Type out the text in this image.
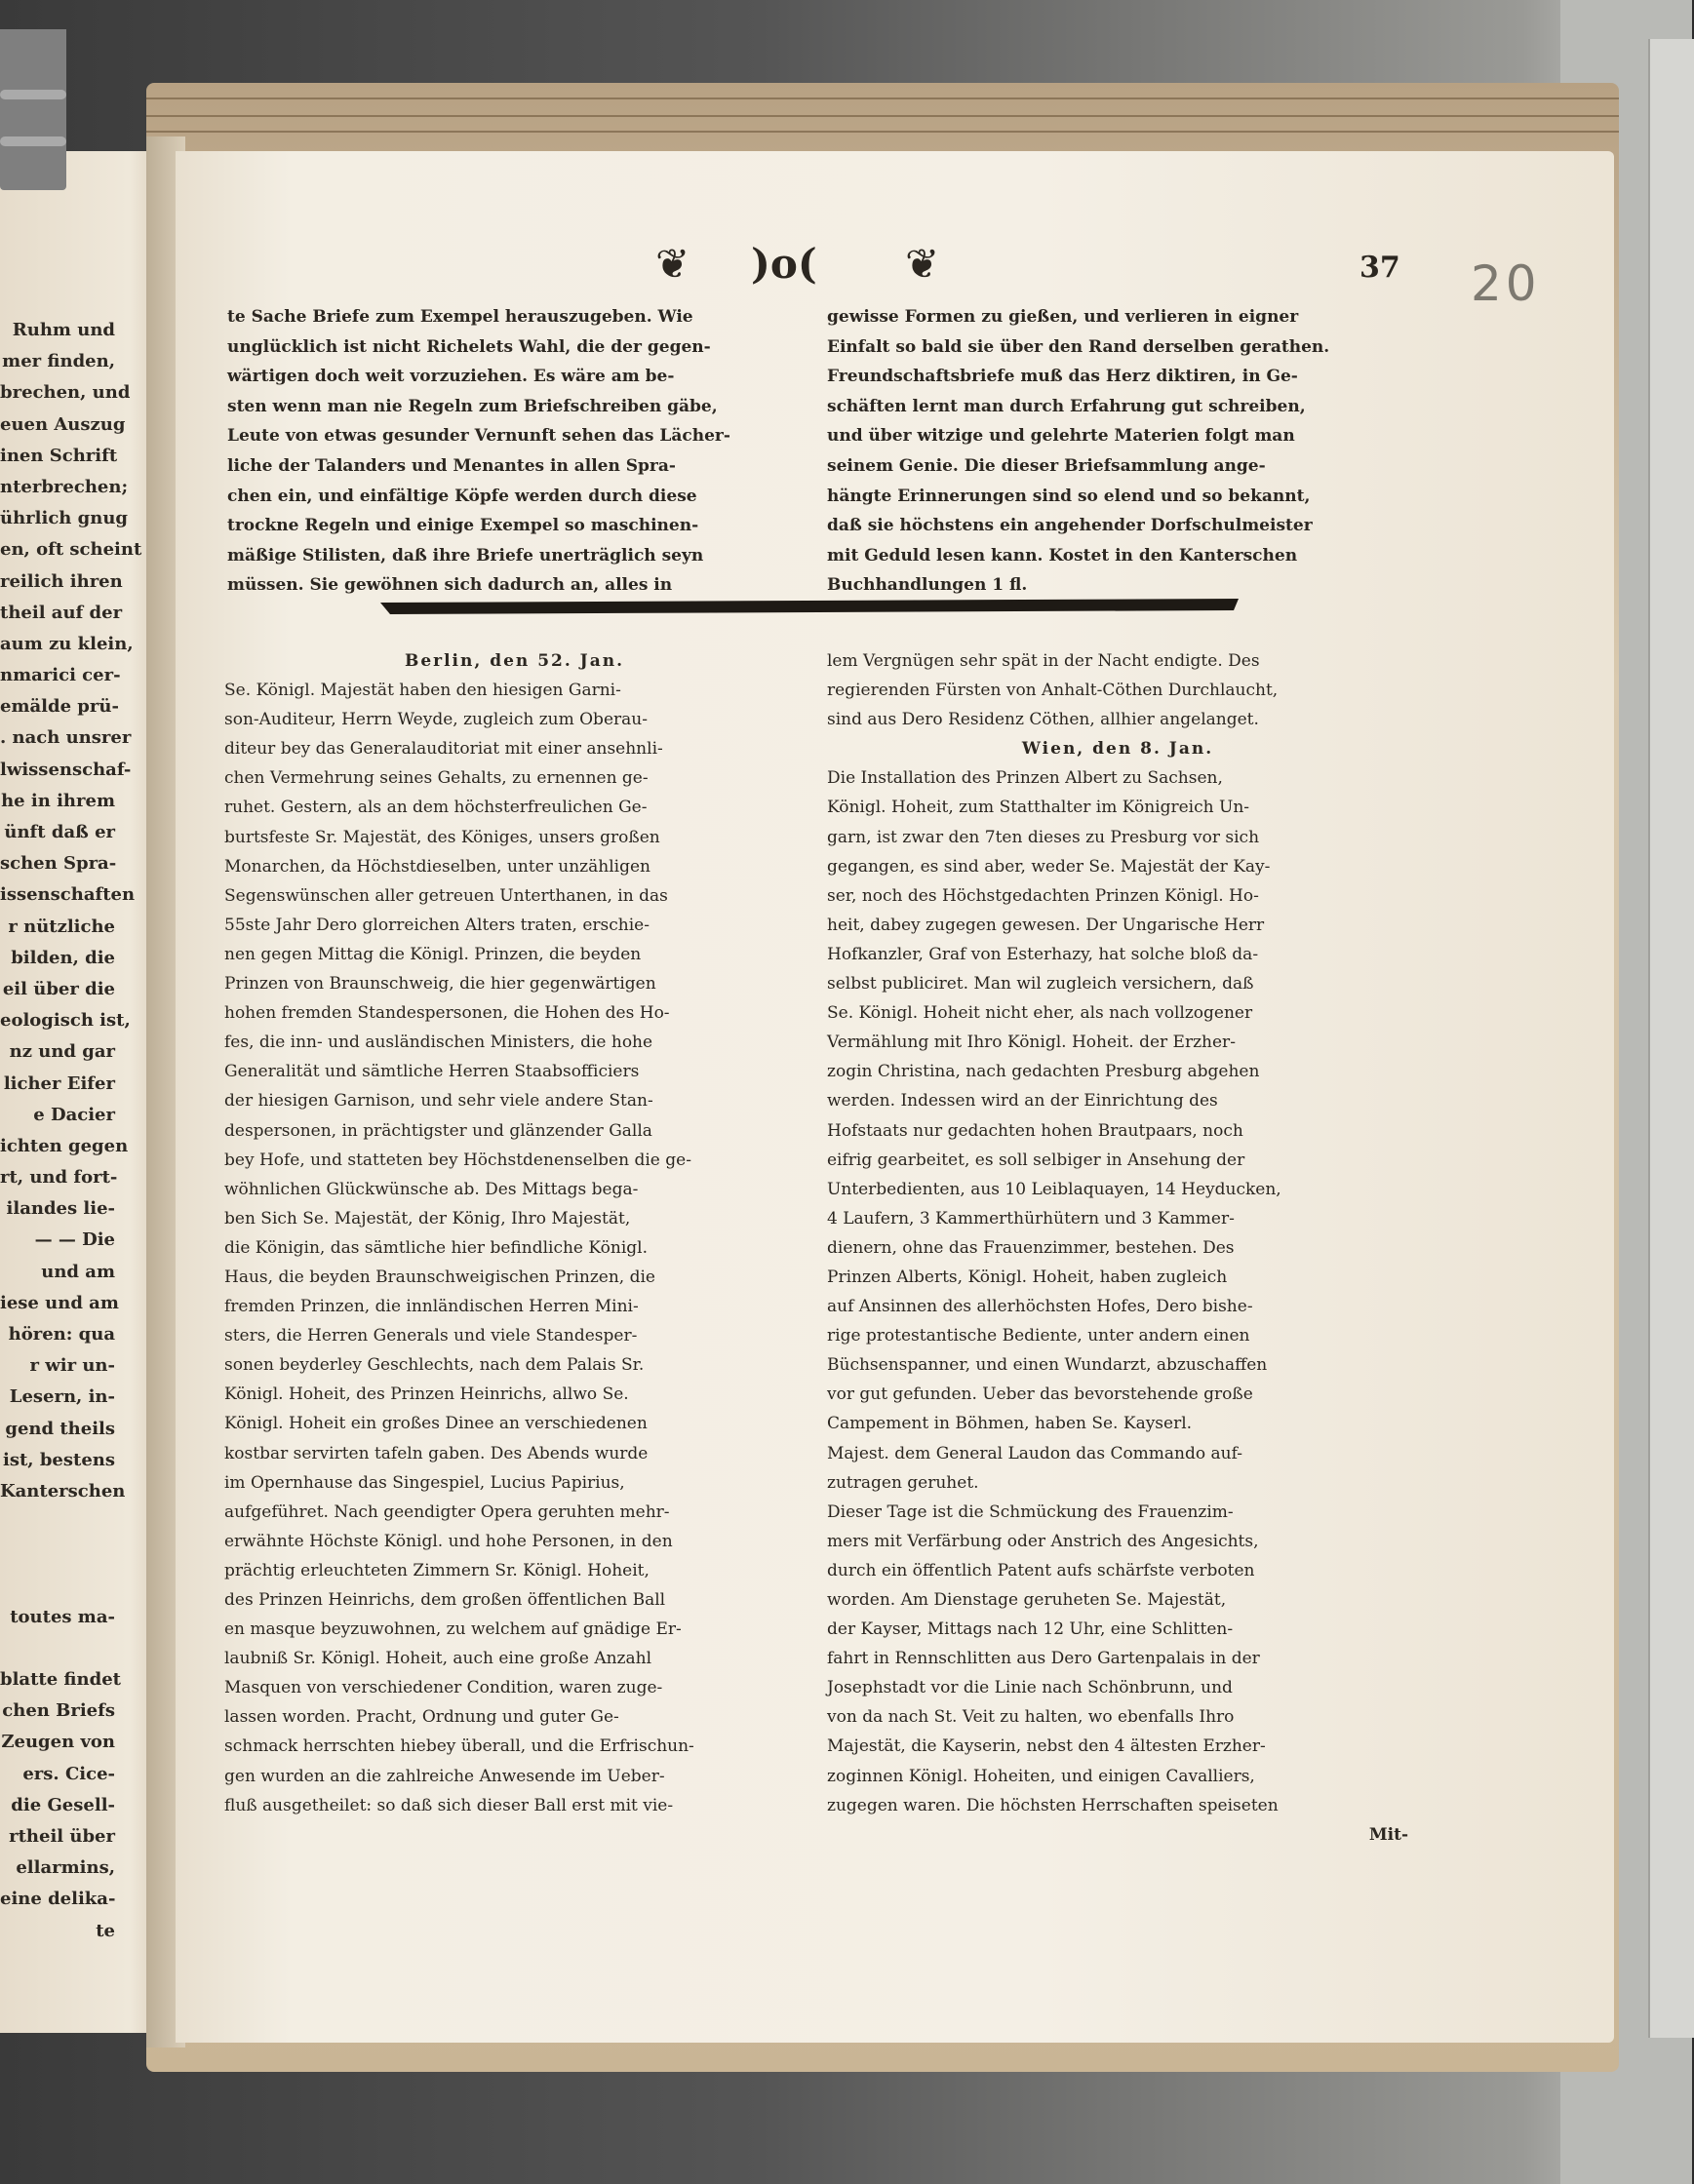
Ruhm und
mer finden,
brechen, und
euen Auszug
inen Schrift
nterbrechen;
ührlich gnug
en, oft scheint
reilich ihren
theil auf der
aum zu klein,
nmarici cer-
emälde prü-
. nach unsrer
lwissenschaf-
he in ihrem
ünft daß er
schen Spra-
issenschaften
r nützliche
bilden, die
eil über die
eologisch ist,
nz und gar
licher Eifer
e Dacier
ichten gegen
rt, und fort-
ilandes lie-
— — Die
und am
iese und am
hören: qua
r wir un-
Lesern, in-
gend theils
ist, bestens
Kanterschen
toutes ma-
blatte findet
chen Briefs
Zeugen von
ers. Cice-
die Gesell-
rtheil über
ellarmins,
eine delika-
te
❦ )o( ❦	37 20
te Sache Briefe zum Exempel herauszugeben. Wie
unglücklich ist nicht Richelets Wahl, die der gegen-
wärtigen doch weit vorzuziehen. Es wäre am be-
sten wenn man nie Regeln zum Briefschreiben gäbe,
Leute von etwas gesunder Vernunft sehen das Lächer-
liche der Talanders und Menantes in allen Spra-
chen ein, und einfältige Köpfe werden durch diese
trockne Regeln und einige Exempel so maschinen-
mäßige Stilisten, daß ihre Briefe unerträglich seyn
müssen. Sie gewöhnen sich dadurch an, alles in
gewisse Formen zu gießen, und verlieren in eigner
Einfalt so bald sie über den Rand derselben gerathen.
Freundschaftsbriefe muß das Herz diktiren, in Ge-
schäften lernt man durch Erfahrung gut schreiben,
und über witzige und gelehrte Materien folgt man
seinem Genie. Die dieser Briefsammlung ange-
hängte Erinnerungen sind so elend und so bekannt,
daß sie höchstens ein angehender Dorfschulmeister
mit Geduld lesen kann. Kostet in den Kanterschen
Buchhandlungen 1 fl.
Berlin, den 52. Jan.
Se. Königl. Majestät haben den hiesigen Garni-
son-Auditeur, Herrn Weyde, zugleich zum Oberau-
diteur bey das Generalauditoriat mit einer ansehnli-
chen Vermehrung seines Gehalts, zu ernennen ge-
ruhet. Gestern, als an dem höchsterfreulichen Ge-
burtsfeste Sr. Majestät, des Königes, unsers großen
Monarchen, da Höchstdieselben, unter unzähligen
Segenswünschen aller getreuen Unterthanen, in das
55ste Jahr Dero glorreichen Alters traten, erschie-
nen gegen Mittag die Königl. Prinzen, die beyden
Prinzen von Braunschweig, die hier gegenwärtigen
hohen fremden Standespersonen, die Hohen des Ho-
fes, die inn- und ausländischen Ministers, die hohe
Generalität und sämtliche Herren Staabsofficiers
der hiesigen Garnison, und sehr viele andere Stan-
despersonen, in prächtigster und glänzender Galla
bey Hofe, und statteten bey Höchstdenenselben die ge-
wöhnlichen Glückwünsche ab. Des Mittags bega-
ben Sich Se. Majestät, der König, Ihro Majestät,
die Königin, das sämtliche hier befindliche Königl.
Haus, die beyden Braunschweigischen Prinzen, die
fremden Prinzen, die innländischen Herren Mini-
sters, die Herren Generals und viele Standesper-
sonen beyderley Geschlechts, nach dem Palais Sr.
Königl. Hoheit, des Prinzen Heinrichs, allwo Se.
Königl. Hoheit ein großes Dinee an verschiedenen
kostbar servirten tafeln gaben. Des Abends wurde
im Opernhause das Singespiel, Lucius Papirius,
aufgeführet. Nach geendigter Opera geruhten mehr-
erwähnte Höchste Königl. und hohe Personen, in den
prächtig erleuchteten Zimmern Sr. Königl. Hoheit,
des Prinzen Heinrichs, dem großen öffentlichen Ball
en masque beyzuwohnen, zu welchem auf gnädige Er-
laubniß Sr. Königl. Hoheit, auch eine große Anzahl
Masquen von verschiedener Condition, waren zuge-
lassen worden. Pracht, Ordnung und guter Ge-
schmack herrschten hiebey überall, und die Erfrischun-
gen wurden an die zahlreiche Anwesende im Ueber-
fluß ausgetheilet: so daß sich dieser Ball erst mit vie-
lem Vergnügen sehr spät in der Nacht endigte. Des
regierenden Fürsten von Anhalt-Cöthen Durchlaucht,
sind aus Dero Residenz Cöthen, allhier angelanget.
Wien, den 8. Jan.
Die Installation des Prinzen Albert zu Sachsen,
Königl. Hoheit, zum Statthalter im Königreich Un-
garn, ist zwar den 7ten dieses zu Presburg vor sich
gegangen, es sind aber, weder Se. Majestät der Kay-
ser, noch des Höchstgedachten Prinzen Königl. Ho-
heit, dabey zugegen gewesen. Der Ungarische Herr
Hofkanzler, Graf von Esterhazy, hat solche bloß da-
selbst publiciret. Man wil zugleich versichern, daß
Se. Königl. Hoheit nicht eher, als nach vollzogener
Vermählung mit Ihro Königl. Hoheit. der Erzher-
zogin Christina, nach gedachten Presburg abgehen
werden. Indessen wird an der Einrichtung des
Hofstaats nur gedachten hohen Brautpaars, noch
eifrig gearbeitet, es soll selbiger in Ansehung der
Unterbedienten, aus 10 Leiblaquayen, 14 Heyducken,
4 Laufern, 3 Kammerthürhütern und 3 Kammer-
dienern, ohne das Frauenzimmer, bestehen. Des
Prinzen Alberts, Königl. Hoheit, haben zugleich
auf Ansinnen des allerhöchsten Hofes, Dero bishe-
rige protestantische Bediente, unter andern einen
Büchsenspanner, und einen Wundarzt, abzuschaffen
vor gut gefunden. Ueber das bevorstehende große
Campement in Böhmen, haben Se. Kayserl.
Majest. dem General Laudon das Commando auf-
zutragen geruhet.
Dieser Tage ist die Schmückung des Frauenzim-
mers mit Verfärbung oder Anstrich des Angesichts,
durch ein öffentlich Patent aufs schärfste verboten
worden. Am Dienstage geruheten Se. Majestät,
der Kayser, Mittags nach 12 Uhr, eine Schlitten-
fahrt in Rennschlitten aus Dero Gartenpalais in der
Josephstadt vor die Linie nach Schönbrunn, und
von da nach St. Veit zu halten, wo ebenfalls Ihro
Majestät, die Kayserin, nebst den 4 ältesten Erzher-
zoginnen Königl. Hoheiten, und einigen Cavalliers,
zugegen waren. Die höchsten Herrschaften speiseten
Mit-
